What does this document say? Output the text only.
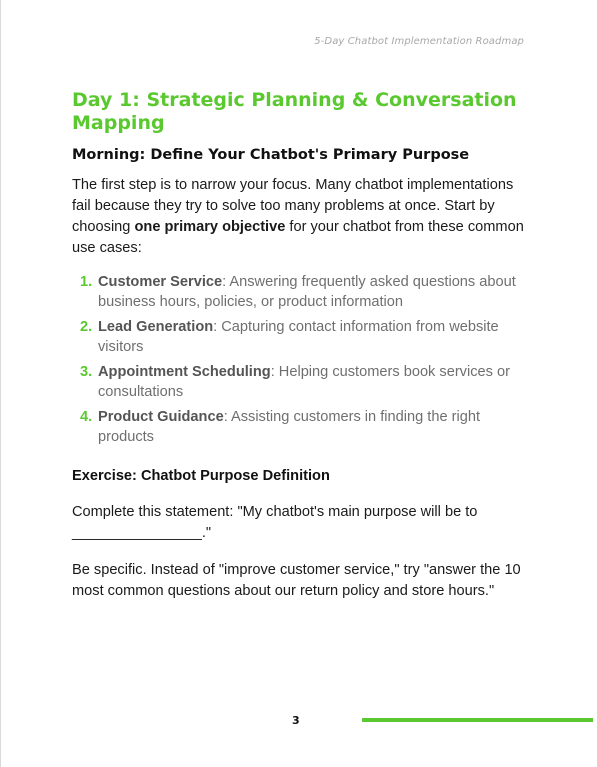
5-Day Chatbot Implementation Roadmap
Day 1: Strategic Planning & Conversation Mapping
Morning: Define Your Chatbot's Primary Purpose

The first step is to narrow your focus. Many chatbot implementations fail because they try to solve too many problems at once. Start by choosing one primary objective for your chatbot from these common use cases:

1. Customer Service: Answering frequently asked questions about business hours, policies, or product information
2. Lead Generation: Capturing contact information from website visitors
3. Appointment Scheduling: Helping customers book services or consultations
4. Product Guidance: Assisting customers in finding the right products
Exercise: Chatbot Purpose Definition

Complete this statement: "My chatbot's main purpose will be to ________________."

Be specific. Instead of "improve customer service," try "answer the 10 most common questions about our return policy and store hours."

3
